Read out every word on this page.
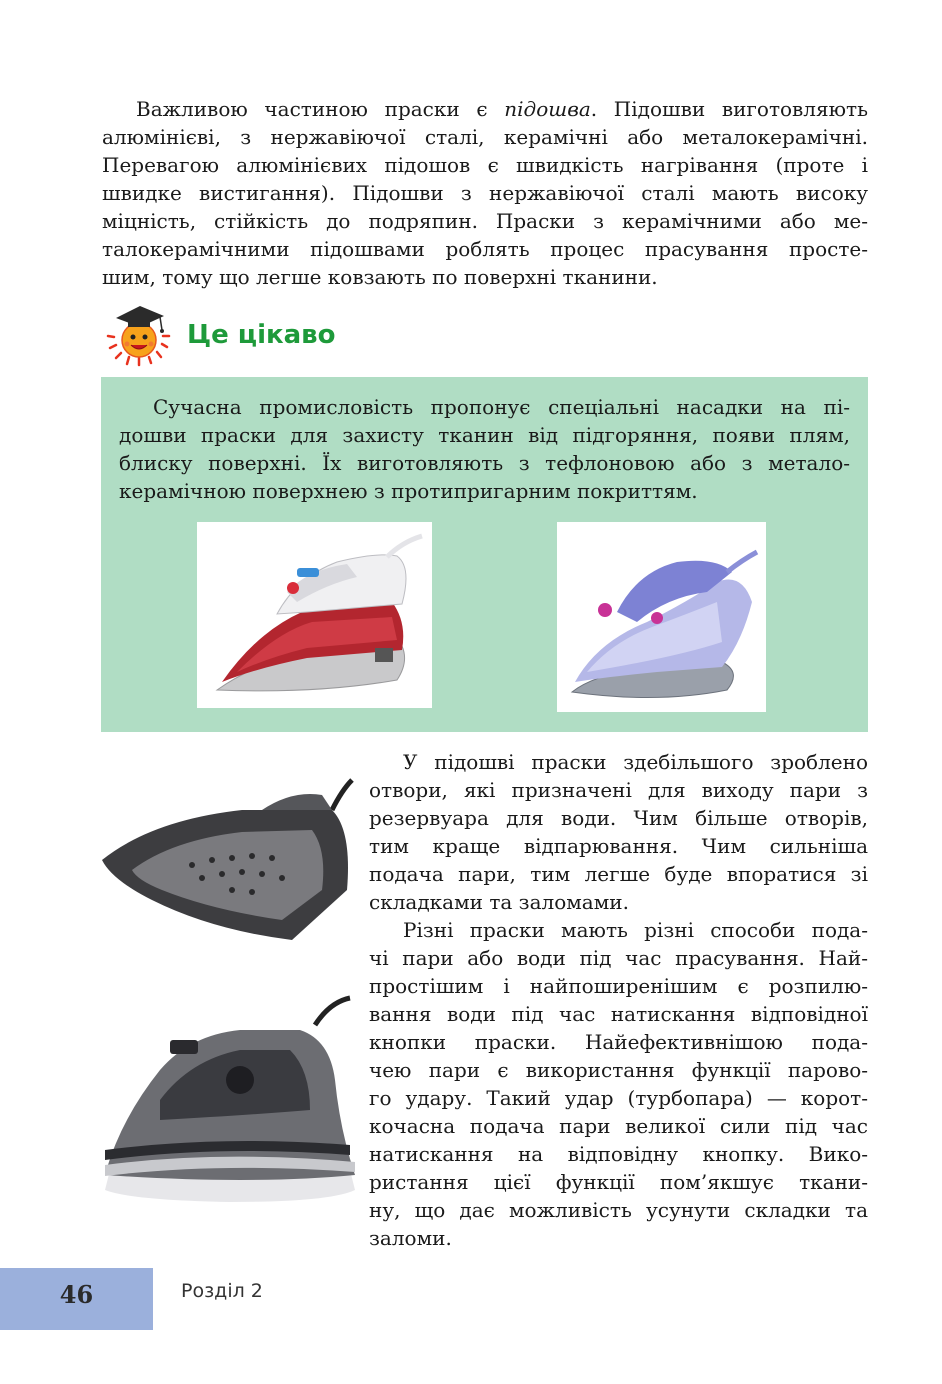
Важливою частиною праски є підошва. Підошви виготовляють
алюмінієві, з нержавіючої сталі, керамічні або металокерамічні.
Перевагою алюмінієвих підошов є швидкість нагрівання (проте і
швидке вистигання). Підошви з нержавіючої сталі мають високу
міцність, стійкість до подряпин. Праски з керамічними або ме-
талокерамічними підошвами роблять процес прасування просте-
шим, тому що легше ковзають по поверхні тканини.
Це цікаво
Сучасна промисловість пропонує спеціальні насадки на пі-
дошви праски для захисту тканин від підгоряння, появи плям,
блиску поверхні. Їх виготовляють з тефлоновою або з метало-
керамічною поверхнею з протипригарним покриттям.
У підошві праски здебільшого зроблено
отвори, які призначені для виходу пари з
резервуара для води. Чим більше отворів,
тим краще відпарювання. Чим сильніша
подача пари, тим легше буде впоратися зі
складками та заломами.
Різні праски мають різні способи пода-
чі пари або води під час прасування. Най-
простішим і найпоширенішим є розпилю-
вання води під час натискання відповідної
кнопки праски. Найефективнішою пода-
чею пари є використання функції парово-
го удару. Такий удар (турбопара) — корот-
кочасна подача пари великої сили під час
натискання на відповідну кнопку. Вико-
ристання цієї функції пом’якшує ткани-
ну, що дає можливість усунути складки та
заломи.
46	Розділ 2
